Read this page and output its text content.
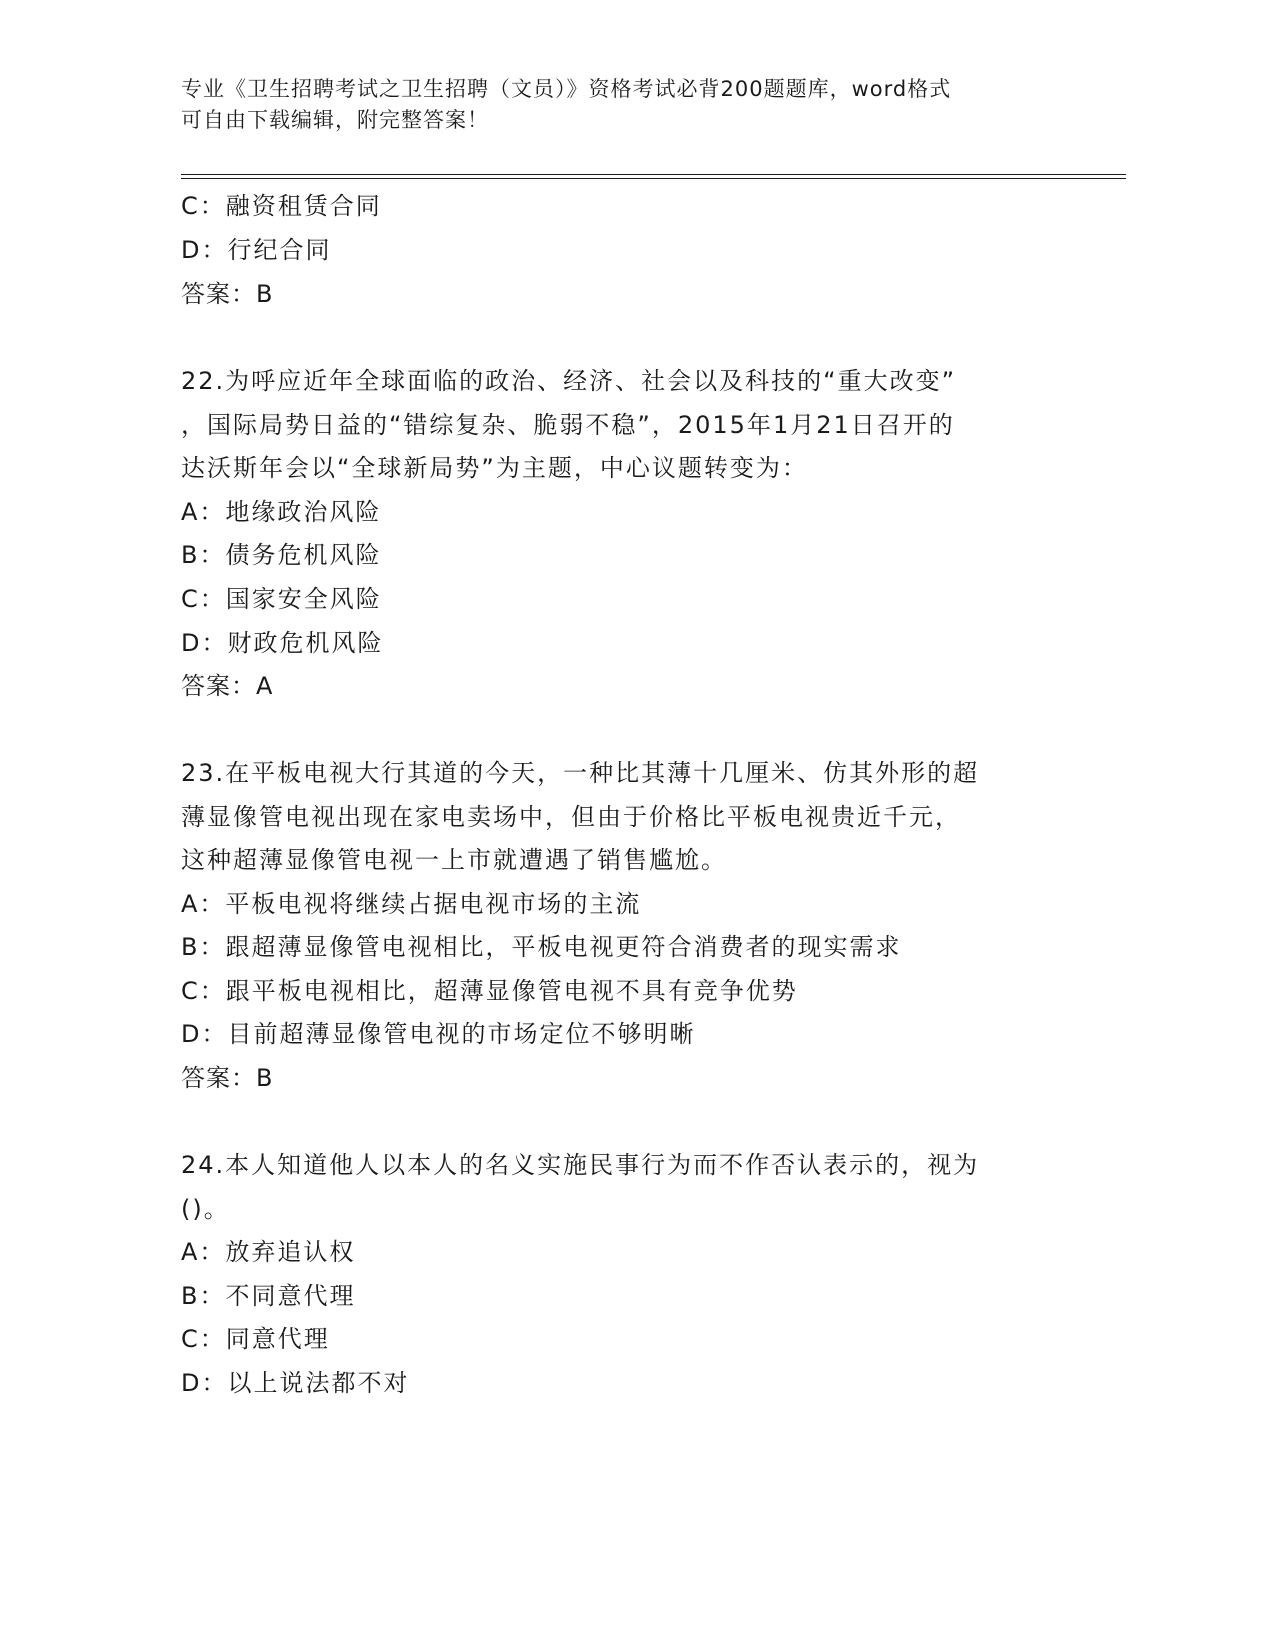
专业《卫生招聘考试之卫生招聘（文员）》资格考试必背200题题库，word格式
可自由下载编辑，附完整答案！
C：融资租赁合同
D：行纪合同
答案：B
22.为呼应近年全球面临的政治、经济、社会以及科技的“重大改变”
，国际局势日益的“错综复杂、脆弱不稳”，2015年1月21日召开的
达沃斯年会以“全球新局势”为主题，中心议题转变为：
A：地缘政治风险
B：债务危机风险
C：国家安全风险
D：财政危机风险
答案：A
23.在平板电视大行其道的今天，一种比其薄十几厘米、仿其外形的超
薄显像管电视出现在家电卖场中，但由于价格比平板电视贵近千元，
这种超薄显像管电视一上市就遭遇了销售尴尬。
A：平板电视将继续占据电视市场的主流
B：跟超薄显像管电视相比，平板电视更符合消费者的现实需求
C：跟平板电视相比，超薄显像管电视不具有竞争优势
D：目前超薄显像管电视的市场定位不够明晰
答案：B
24.本人知道他人以本人的名义实施民事行为而不作否认表示的，视为
()。
A：放弃追认权
B：不同意代理
C：同意代理
D：以上说法都不对
